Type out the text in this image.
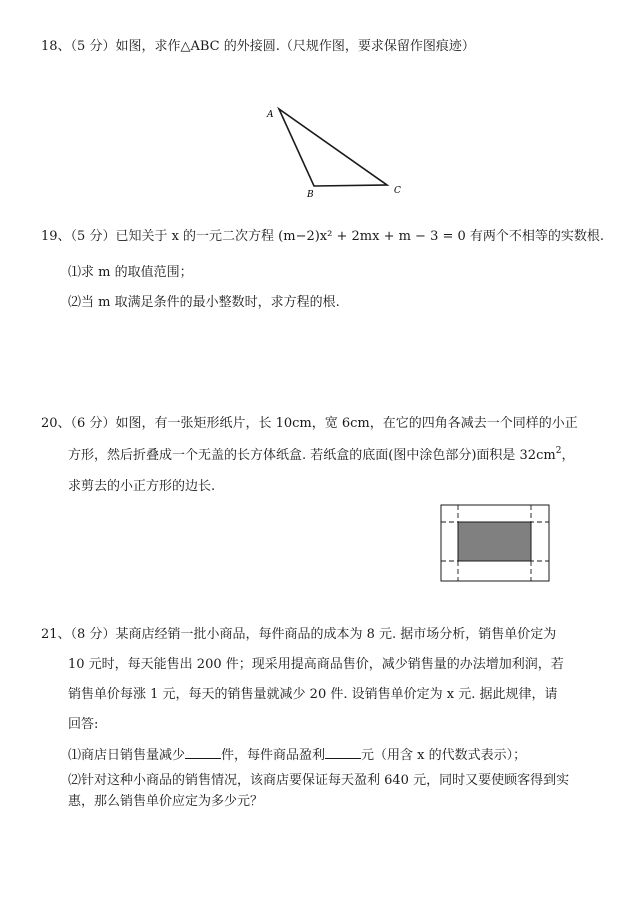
18、（5 分）如图，求作△ABC 的外接圆.（尺规作图，要求保留作图痕迹）
A
B	C
19、（5 分）已知关于 x 的一元二次方程 (m−2)x² + 2mx + m − 3 = 0 有两个不相等的实数根.
⑴求 m 的取值范围；
⑵当 m 取满足条件的最小整数时，求方程的根.
20、（6 分）如图，有一张矩形纸片，长 10cm，宽 6cm，在它的四角各减去一个同样的小正
方形，然后折叠成一个无盖的长方体纸盒. 若纸盒的底面(图中涂色部分)面积是 $32cm^2$，
求剪去的小正方形的边长.
21、（8 分）某商店经销一批小商品，每件商品的成本为 8 元. 据市场分析，销售单价定为
10 元时，每天能售出 200 件；现采用提高商品售价，减少销售量的办法增加利润，若
销售单价每涨 1 元，每天的销售量就减少 20 件. 设销售单价定为 x 元. 据此规律，请
回答:
⑴商店日销售量减少	件，每件商品盈利	元（用含 x 的代数式表示）；
⑵针对这种小商品的销售情况，该商店要保证每天盈利 640 元，同时又要使顾客得到实
惠，那么销售单价应定为多少元？
